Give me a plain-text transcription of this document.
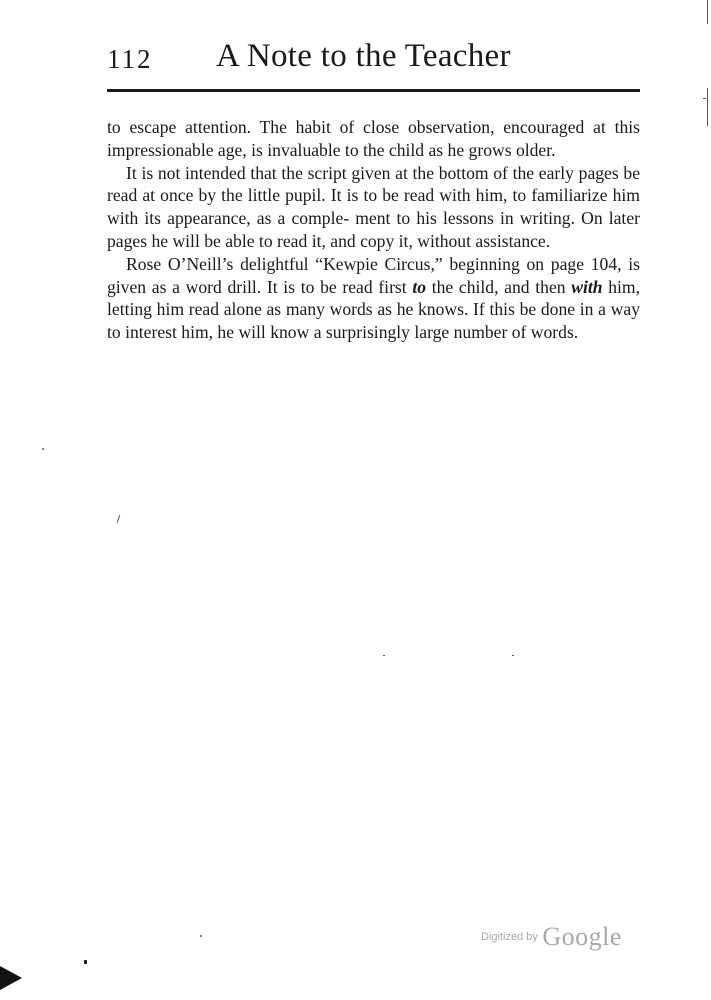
112 A Note to the Teacher

to escape attention. The habit of close observation, encouraged at this impressionable age, is invaluable to the child as he grows older.

It is not intended that the script given at the bottom of the early pages be read at once by the little pupil. It is to be read with him, to familiarize him with its appearance, as a comple- ment to his lessons in writing. On later pages he will be able to read it, and copy it, without assistance.

Rose O’Neill’s delightful “Kewpie Circus,” beginning on page 104, is given as a word drill. It is to be read first to the child, and then with him, letting him read alone as many words as he knows. If this be done in a way to interest him, he will know a surprisingly large number of words.

Digitized by Google
